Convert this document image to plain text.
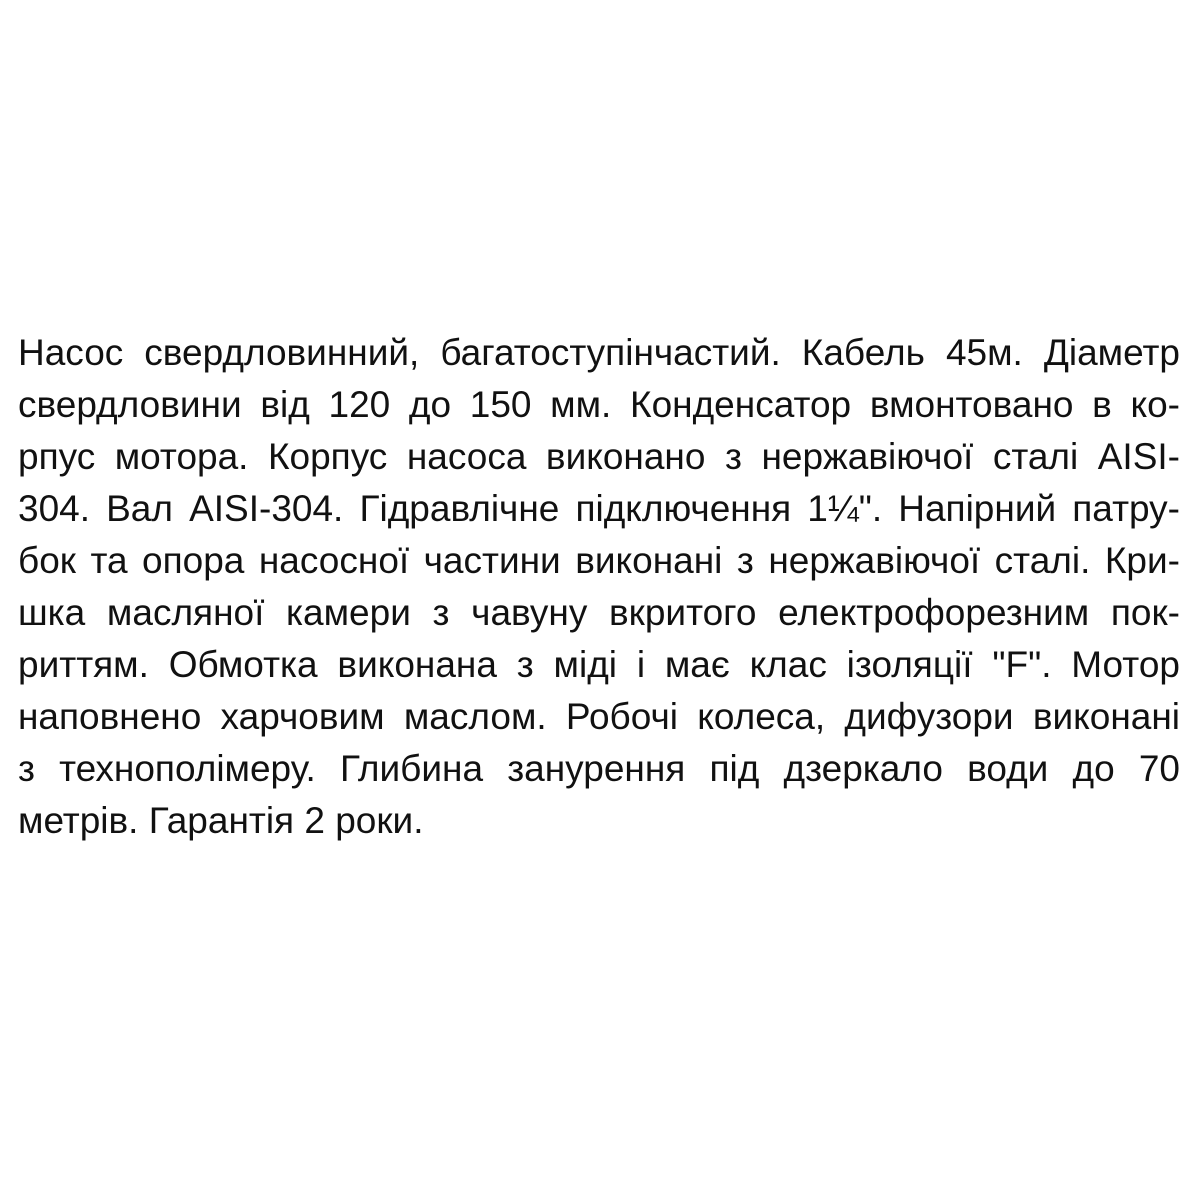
Насос свердловинний, багатоступінчастий. Кабель 45м. Діаметр
свердловини від 120 до 150 мм. Конденсатор вмонтовано в ко-
рпус мотора. Корпус насоса виконано з нержавіючої сталі AISI-
304. Вал AISI-304. Гідравлічне підключення 1¼". Напірний патру-
бок та опора насосної частини виконані з нержавіючої сталі. Кри-
шка масляної камери з чавуну вкритого електрофорезним пок-
риттям. Обмотка виконана з міді і має клас ізоляції "F". Мотор
наповнено харчовим маслом. Робочі колеса, дифузори виконані
з технополімеру. Глибина занурення під дзеркало води до 70
метрів. Гарантія 2 роки.
